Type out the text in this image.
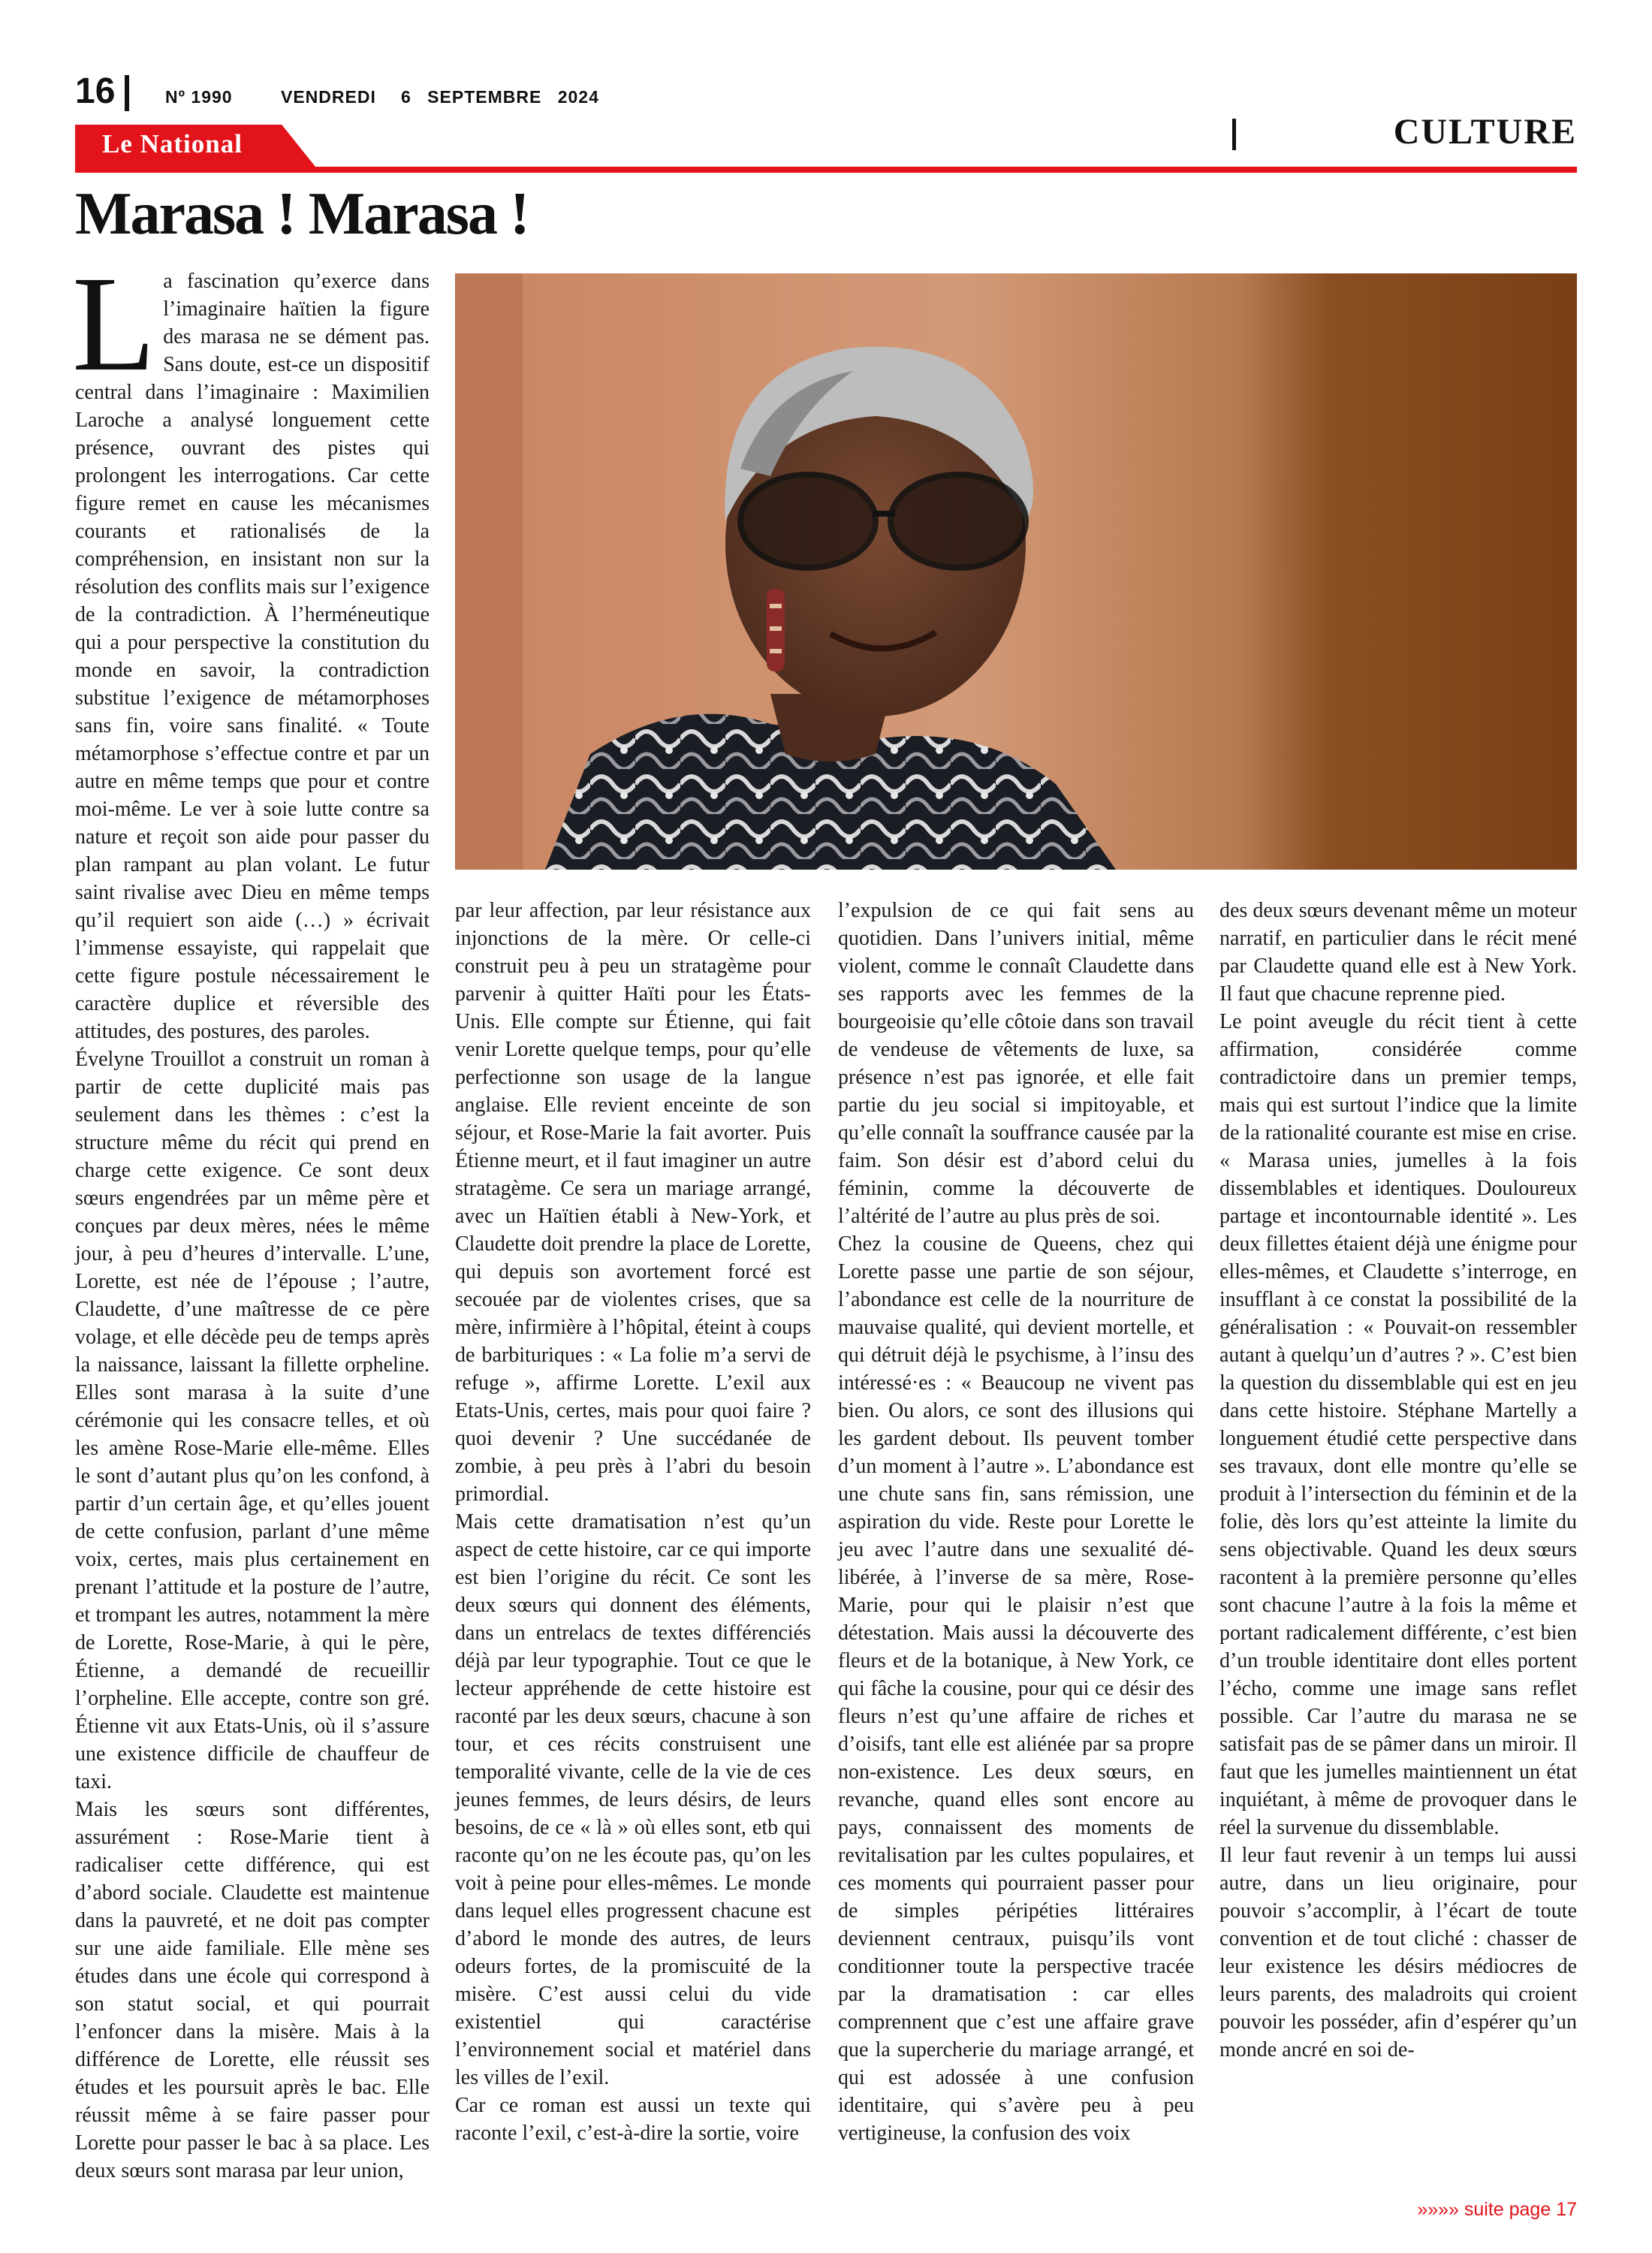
16	Nº 1990	VENDREDI 6 SEPTEMBRE 2024
CULTURE
Le National
Marasa ! Marasa !
L a fascination qu’exerce dans l’imaginaire haïtien la figure des marasa ne se dément pas. Sans doute, est-ce un dispositif central dans l’imaginaire : Maximilien Laroche a analysé longuement cette présence, ouvrant des pistes qui prolongent les interrogations. Car cette figure remet en cause les mécanismes courants et rationalisés de la compréhension, en insistant non sur la résolution des conflits mais sur l’exigence de la contradiction. À l’herméneutique qui a pour perspective la constitution du monde en savoir, la contradiction substitue l’exigence de métamorphoses sans fin, voire sans finalité. « Toute métamorphose s’effectue contre et par un autre en même temps que pour et contre moi-même. Le ver à soie lutte contre sa nature et reçoit son aide pour passer du plan rampant au plan volant. Le futur saint rivalise avec Dieu en même temps qu’il requiert son aide (…) » écrivait l’immense essayiste, qui rappelait que cette figure postule nécessairement le caractère duplice et réversible des attitudes, des postures, des paroles.

Évelyne Trouillot a construit un roman à partir de cette duplicité mais pas seulement dans les thèmes : c’est la structure même du récit qui prend en charge cette exigence. Ce sont deux sœurs engendrées par un même père et conçues par deux mères, nées le même jour, à peu d’heures d’intervalle. L’une, Lorette, est née de l’épouse ; l’autre, Claudette, d’une maîtresse de ce père volage, et elle décède peu de temps après la naissance, laissant la fillette orpheline. Elles sont marasa à la suite d’une cérémonie qui les consacre telles, et où les amène Rose-Marie elle-même. Elles le sont d’autant plus qu’on les confond, à partir d’un certain âge, et qu’elles jouent de cette confusion, parlant d’une même voix, certes, mais plus certainement en prenant l’attitude et la posture de l’autre, et trompant les autres, notamment la mère de Lorette, Rose-Marie, à qui le père, Étienne, a demandé de recueillir l’orpheline. Elle accepte, contre son gré. Étienne vit aux Etats-Unis, où il s’assure une existence difficile de chauffeur de taxi.

Mais les sœurs sont différentes, assurément : Rose-Marie tient à radicaliser cette différence, qui est d’abord sociale. Claudette est maintenue dans la pauvreté, et ne doit pas compter sur une aide familiale. Elle mène ses études dans une école qui correspond à son statut social, et qui pourrait l’enfoncer dans la misère. Mais à la différence de Lorette, elle réussit ses études et les poursuit après le bac. Elle réussit même à se faire passer pour Lorette pour passer le bac à sa place. Les deux sœurs sont marasa par leur union,

par leur affection, par leur résistance aux injonctions de la mère. Or celle-ci construit peu à peu un stratagème pour parvenir à quitter Haïti pour les États-Unis. Elle compte sur Étienne, qui fait venir Lorette quelque temps, pour qu’elle perfectionne son usage de la langue anglaise. Elle revient enceinte de son séjour, et Rose-Marie la fait avorter. Puis Étienne meurt, et il faut imaginer un autre stratagème. Ce sera un mariage arrangé, avec un Haïtien établi à New-York, et Claudette doit prendre la place de Lorette, qui depuis son avortement forcé est secouée par de violentes crises, que sa mère, infirmière à l’hôpital, éteint à coups de barbituriques : « La folie m’a servi de refuge », affirme Lorette. L’exil aux Etats-Unis, certes, mais pour quoi faire ? quoi devenir ? Une succédanée de zombie, à peu près à l’abri du besoin primordial.

Mais cette dramatisation n’est qu’un aspect de cette histoire, car ce qui importe est bien l’origine du récit. Ce sont les deux sœurs qui donnent des éléments, dans un entrelacs de textes différenciés déjà par leur typographie. Tout ce que le lecteur appréhende de cette histoire est raconté par les deux sœurs, chacune à son tour, et ces récits construisent une temporalité vivante, celle de la vie de ces jeunes femmes, de leurs désirs, de leurs besoins, de ce « là » où elles sont, etb qui raconte qu’on ne les écoute pas, qu’on les voit à peine pour elles-mêmes. Le monde dans lequel elles progressent chacune est d’abord le monde des autres, de leurs odeurs fortes, de la promiscuité de la misère. C’est aussi celui du vide existentiel qui caractérise l’environnement social et matériel dans les villes de l’exil.

Car ce roman est aussi un texte qui raconte l’exil, c’est-à-dire la sortie, voire

l’expulsion de ce qui fait sens au quotidien. Dans l’univers initial, même violent, comme le connaît Claudette dans ses rapports avec les femmes de la bourgeoisie qu’elle côtoie dans son travail de vendeuse de vêtements de luxe, sa présence n’est pas ignorée, et elle fait partie du jeu social si impitoyable, et qu’elle connaît la souffrance causée par la faim. Son désir est d’abord celui du féminin, comme la découverte de l’altérité de l’autre au plus près de soi.

Chez la cousine de Queens, chez qui Lorette passe une partie de son séjour, l’abondance est celle de la nourriture de mauvaise qualité, qui devient mortelle, et qui détruit déjà le psychisme, à l’insu des intéressé·es : « Beaucoup ne vivent pas bien. Ou alors, ce sont des illusions qui les gardent debout. Ils peuvent tomber d’un moment à l’autre ». L’abondance est une chute sans fin, sans rémission, une aspiration du vide. Reste pour Lorette le jeu avec l’autre dans une sexualité dé-libérée, à l’inverse de sa mère, Rose-Marie, pour qui le plaisir n’est que détestation. Mais aussi la découverte des fleurs et de la botanique, à New York, ce qui fâche la cousine, pour qui ce désir des fleurs n’est qu’une affaire de riches et d’oisifs, tant elle est aliénée par sa propre non-existence. Les deux sœurs, en revanche, quand elles sont encore au pays, connaissent des moments de revitalisation par les cultes populaires, et ces moments qui pourraient passer pour de simples péripéties littéraires deviennent centraux, puisqu’ils vont conditionner toute la perspective tracée par la dramatisation : car elles comprennent que c’est une affaire grave que la supercherie du mariage arrangé, et qui est adossée à une confusion identitaire, qui s’avère peu à peu vertigineuse, la confusion des voix

des deux sœurs devenant même un moteur narratif, en particulier dans le récit mené par Claudette quand elle est à New York. Il faut que chacune reprenne pied.

Le point aveugle du récit tient à cette affirmation, considérée comme contradictoire dans un premier temps, mais qui est surtout l’indice que la limite de la rationalité courante est mise en crise. « Marasa unies, jumelles à la fois dissemblables et identiques. Douloureux partage et incontournable identité ». Les deux fillettes étaient déjà une énigme pour elles-mêmes, et Claudette s’interroge, en insufflant à ce constat la possibilité de la généralisation : « Pouvait-on ressembler autant à quelqu’un d’autres ? ». C’est bien la question du dissemblable qui est en jeu dans cette histoire. Stéphane Martelly a longuement étudié cette perspective dans ses travaux, dont elle montre qu’elle se produit à l’intersection du féminin et de la folie, dès lors qu’est atteinte la limite du sens objectivable. Quand les deux sœurs racontent à la première personne qu’elles sont chacune l’autre à la fois la même et portant radicalement différente, c’est bien d’un trouble identitaire dont elles portent l’écho, comme une image sans reflet possible. Car l’autre du marasa ne se satisfait pas de se pâmer dans un miroir. Il faut que les jumelles maintiennent un état inquiétant, à même de provoquer dans le réel la survenue du dissemblable.

Il leur faut revenir à un temps lui aussi autre, dans un lieu originaire, pour pouvoir s’accomplir, à l’écart de toute convention et de tout cliché : chasser de leur existence les désirs médiocres de leurs parents, des maladroits qui croient pouvoir les posséder, afin d’espérer qu’un monde ancré en soi de-

»»»» suite page 17
